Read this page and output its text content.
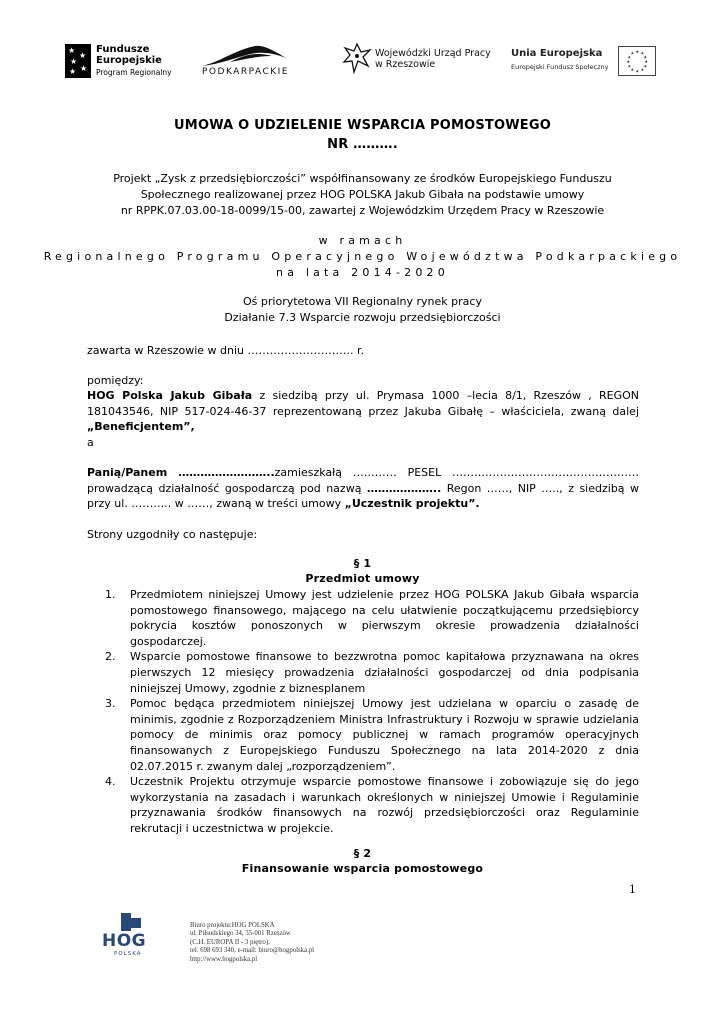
★
★
★
★
★
Fundusze
Europejskie
Program Regionalny	PODKARPACKIE
Wojewódzki Urząd Pracy
w Rzeszowie
Unia Europejska
Europejski Fundusz Społeczny
★ ★
★
★
★
★
★
★
★
★
★
★
UMOWA O UDZIELENIE WSPARCIA POMOSTOWEGO
NR ……….
Projekt „Zysk z przedsiębiorczości” współfinansowany ze środków Europejskiego Funduszu
Społecznego realizowanej przez HOG POLSKA Jakub Gibała na podstawie umowy
nr RPPK.07.03.00-18-0099/15-00, zawartej z Wojewódzkim Urzędem Pracy w Rzeszowie
w ramach
Regionalnego Programu Operacyjnego Województwa Podkarpackiego
na lata 2014-2020
Oś priorytetowa VII Regionalny rynek pracy
Działanie 7.3 Wsparcie rozwoju przedsiębiorczości
zawarta w Rzeszowie w dniu ……………………….. r.
pomiędzy:
HOG Polska Jakub Gibała z siedzibą przy ul. Prymasa 1000 –lecia 8/1, Rzeszów , REGON 181043546, NIP 517-024-46-37 reprezentowaną przez Jakuba Gibałę – właściciela, zwaną dalej „Beneficjentem”,
a
Panią/Panem ……………………..zamieszkałą ………… PESEL …………………………………………… prowadzącą działalność gospodarczą pod nazwą ……………….. Regon ……, NIP ….., z siedzibą w przy ul. ……….. w ……, zwaną w treści umowy „Uczestnik projektu”.
Strony uzgodniły co następuje:
§ 1
Przedmiot umowy
1. Przedmiotem niniejszej Umowy jest udzielenie przez HOG POLSKA Jakub Gibała wsparcia pomostowego finansowego, mającego na celu ułatwienie początkującemu przedsiębiorcy pokrycia kosztów ponoszonych w pierwszym okresie prowadzenia działalności gospodarczej.
2. Wsparcie pomostowe finansowe to bezzwrotna pomoc kapitałowa przyznawana na okres pierwszych 12 miesięcy prowadzenia działalności gospodarczej od dnia podpisania niniejszej Umowy, zgodnie z biznesplanem
3. Pomoc będąca przedmiotem niniejszej Umowy jest udzielana w oparciu o zasadę de minimis, zgodnie z Rozporządzeniem Ministra Infrastruktury i Rozwoju w sprawie udzielania pomocy de minimis oraz pomocy publicznej w ramach programów operacyjnych finansowanych z Europejskiego Funduszu Społecznego na lata 2014-2020 z dnia 02.07.2015 r. zwanym dalej „rozporządzeniem”.
4. Uczestnik Projektu otrzymuje wsparcie pomostowe finansowe i zobowiązuje się do jego wykorzystania na zasadach i warunkach określonych w niniejszej Umowie i Regulaminie przyznawania środków finansowych na rozwój przedsiębiorczości oraz Regulaminie rekrutacji i uczestnictwa w projekcie.
§ 2
Finansowanie wsparcia pomostowego
1
HOG
POLSKA
Biuro projektu:HOG POLSKA
ul. Piłsudskiego 34, 35-001 Rzeszów
(C.H. EUROPA II - 3 piętro),
tel. 698 693 340, e-mail: biuro@hogpolska.pl
http://www.hogpolska.pl
